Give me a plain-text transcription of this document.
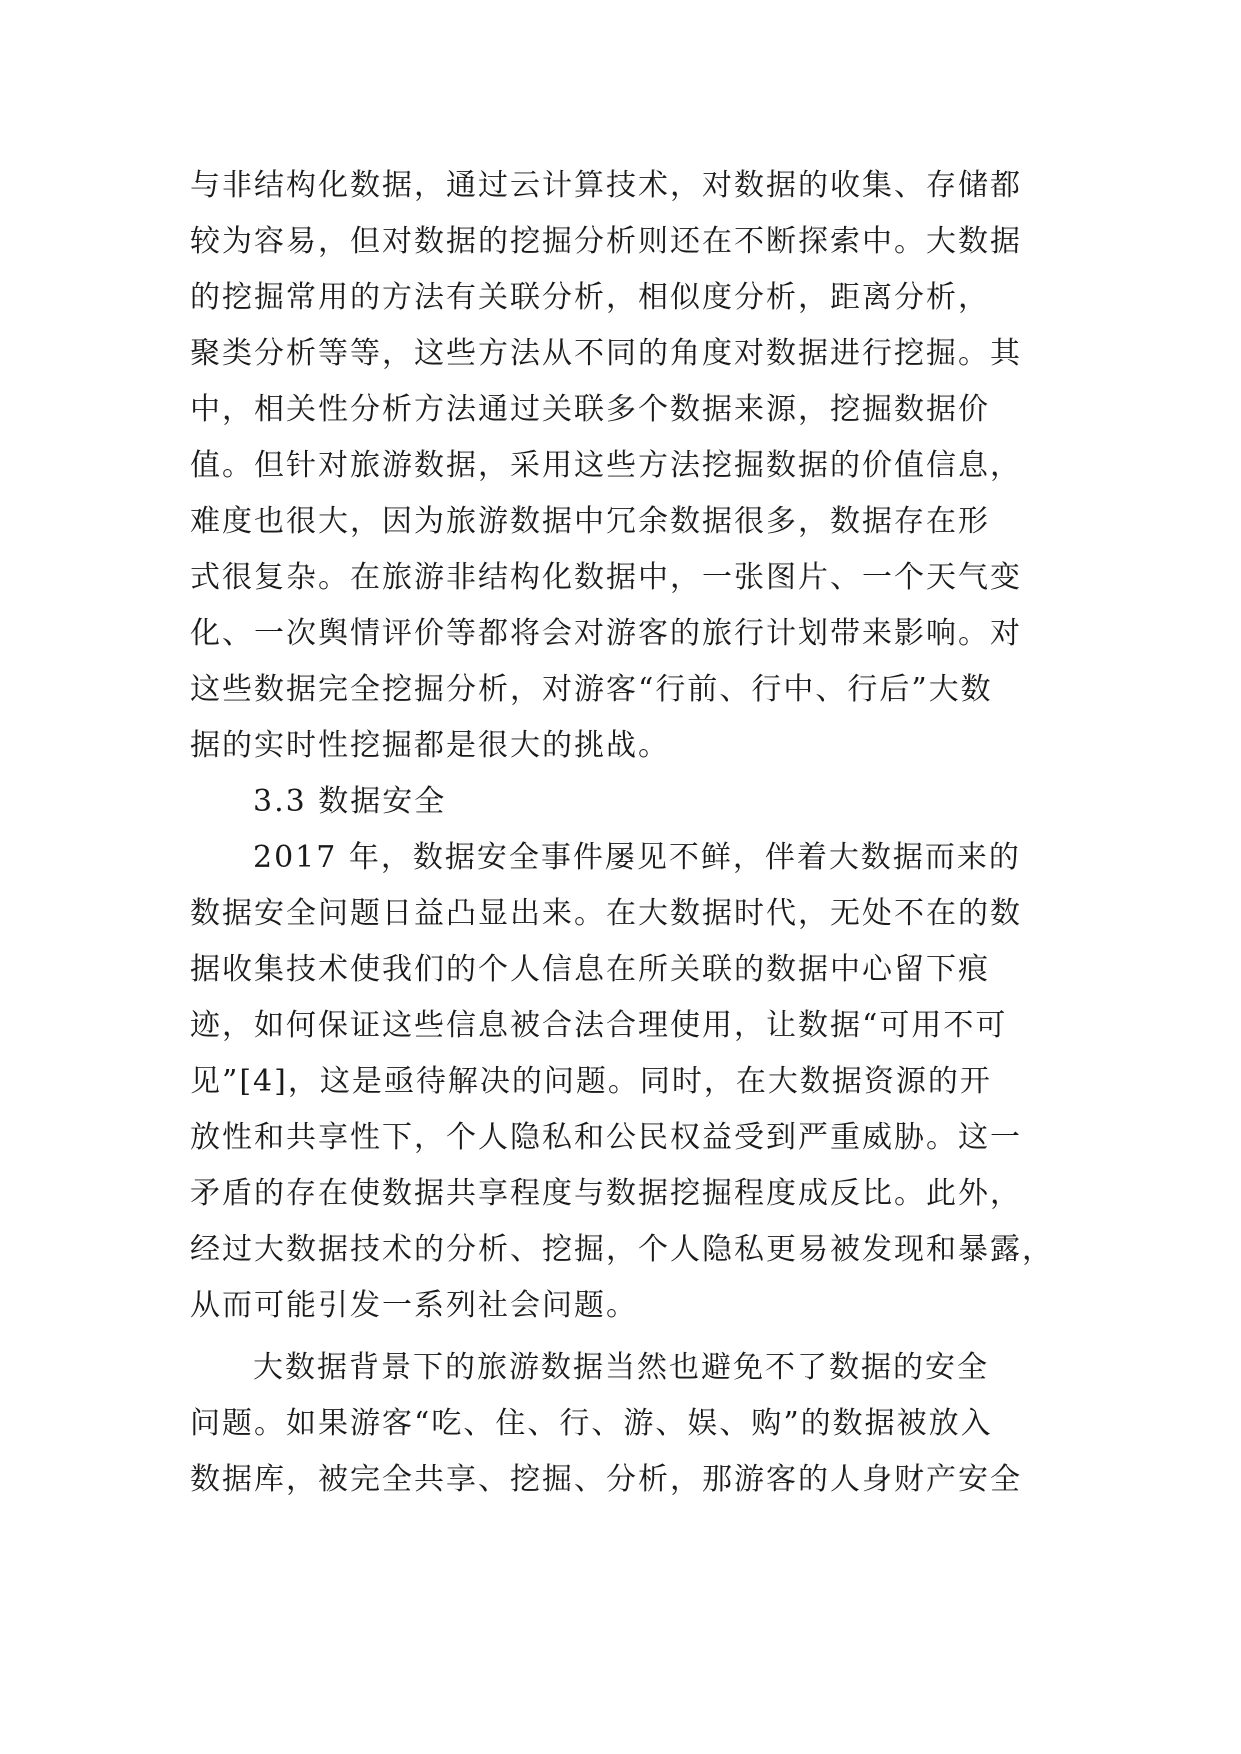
与非结构化数据，通过云计算技术，对数据的收集、存储都
较为容易，但对数据的挖掘分析则还在不断探索中。大数据
的挖掘常用的方法有关联分析，相似度分析，距离分析，
聚类分析等等，这些方法从不同的角度对数据进行挖掘。其
中，相关性分析方法通过关联多个数据来源，挖掘数据价
值。但针对旅游数据，采用这些方法挖掘数据的价值信息，
难度也很大，因为旅游数据中冗余数据很多，数据存在形
式很复杂。在旅游非结构化数据中，一张图片、一个天气变
化、一次舆情评价等都将会对游客的旅行计划带来影响。对
这些数据完全挖掘分析，对游客“行前、行中、行后”大数
据的实时性挖掘都是很大的挑战。
3.3 数据安全
2017 年，数据安全事件屡见不鲜，伴着大数据而来的
数据安全问题日益凸显出来。在大数据时代，无处不在的数
据收集技术使我们的个人信息在所关联的数据中心留下痕
迹，如何保证这些信息被合法合理使用，让数据“可用不可
见”[4]，这是亟待解决的问题。同时，在大数据资源的开
放性和共享性下，个人隐私和公民权益受到严重威胁。这一
矛盾的存在使数据共享程度与数据挖掘程度成反比。此外，
经过大数据技术的分析、挖掘，个人隐私更易被发现和暴露，
从而可能引发一系列社会问题。
大数据背景下的旅游数据当然也避免不了数据的安全
问题。如果游客“吃、住、行、游、娱、购”的数据被放入
数据库，被完全共享、挖掘、分析，那游客的人身财产安全
